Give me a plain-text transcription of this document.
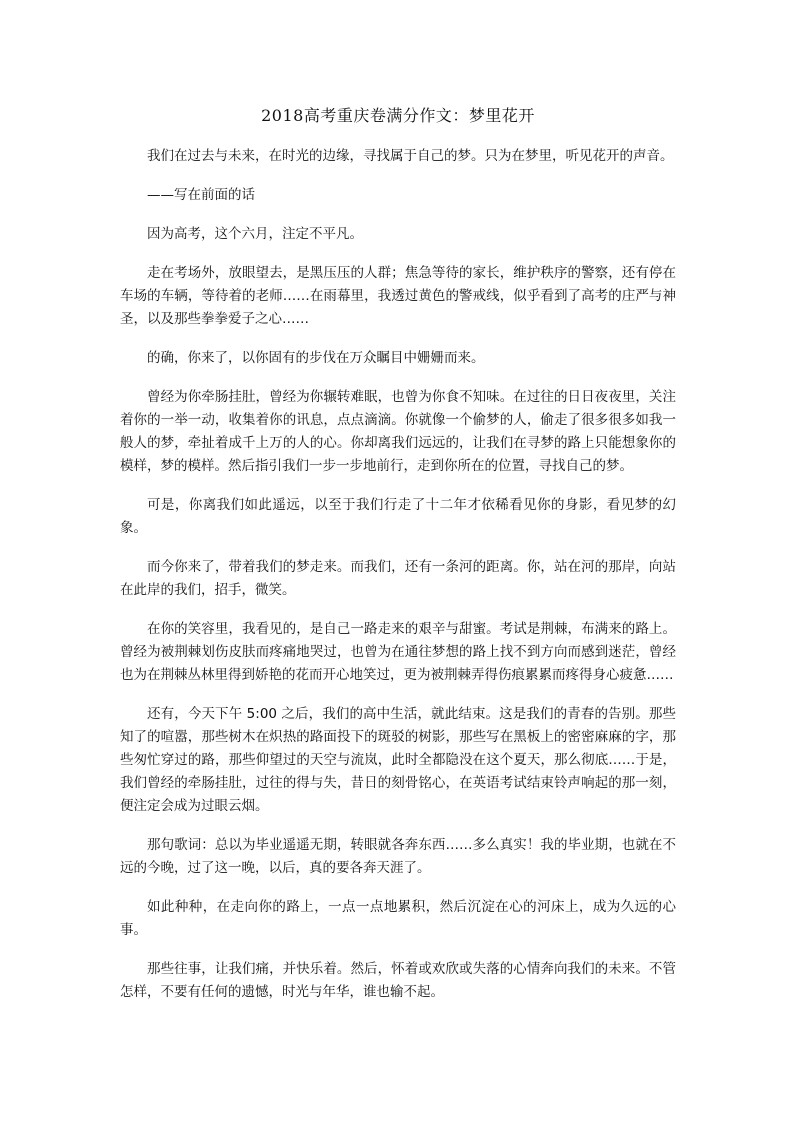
2018高考重庆卷满分作文：梦里花开

我们在过去与未来，在时光的边缘，寻找属于自己的梦。只为在梦里，听见花开的声音。

——写在前面的话

因为高考，这个六月，注定不平凡。

走在考场外，放眼望去，是黑压压的人群；焦急等待的家长，维护秩序的警察，还有停在车场的车辆，等待着的老师……在雨幕里，我透过黄色的警戒线，似乎看到了高考的庄严与神圣，以及那些拳拳爱子之心……

的确，你来了，以你固有的步伐在万众瞩目中姗姗而来。

曾经为你牵肠挂肚，曾经为你辗转难眠，也曾为你食不知味。在过往的日日夜夜里，关注着你的一举一动，收集着你的讯息，点点滴滴。你就像一个偷梦的人，偷走了很多很多如我一般人的梦，牵扯着成千上万的人的心。你却离我们远远的，让我们在寻梦的路上只能想象你的模样，梦的模样。然后指引我们一步一步地前行，走到你所在的位置，寻找自己的梦。

可是，你离我们如此遥远，以至于我们行走了十二年才依稀看见你的身影，看见梦的幻象。

而今你来了，带着我们的梦走来。而我们，还有一条河的距离。你，站在河的那岸，向站在此岸的我们，招手，微笑。

在你的笑容里，我看见的，是自己一路走来的艰辛与甜蜜。考试是荆棘，布满来的路上。曾经为被荆棘划伤皮肤而疼痛地哭过，也曾为在通往梦想的路上找不到方向而感到迷茫，曾经也为在荆棘丛林里得到娇艳的花而开心地笑过，更为被荆棘弄得伤痕累累而疼得身心疲惫……

还有，今天下午 5:00 之后，我们的高中生活，就此结束。这是我们的青春的告别。那些知了的喧嚣，那些树木在炽热的路面投下的斑驳的树影，那些写在黑板上的密密麻麻的字，那些匆忙穿过的路，那些仰望过的天空与流岚，此时全都隐没在这个夏天，那么彻底……于是，我们曾经的牵肠挂肚，过往的得与失，昔日的刻骨铭心，在英语考试结束铃声响起的那一刻，便注定会成为过眼云烟。

那句歌词：总以为毕业遥遥无期，转眼就各奔东西……多么真实！我的毕业期，也就在不远的今晚，过了这一晚，以后，真的要各奔天涯了。

如此种种，在走向你的路上，一点一点地累积，然后沉淀在心的河床上，成为久远的心事。

那些往事，让我们痛，并快乐着。然后，怀着或欢欣或失落的心情奔向我们的未来。不管怎样，不要有任何的遗憾，时光与年华，谁也输不起。
